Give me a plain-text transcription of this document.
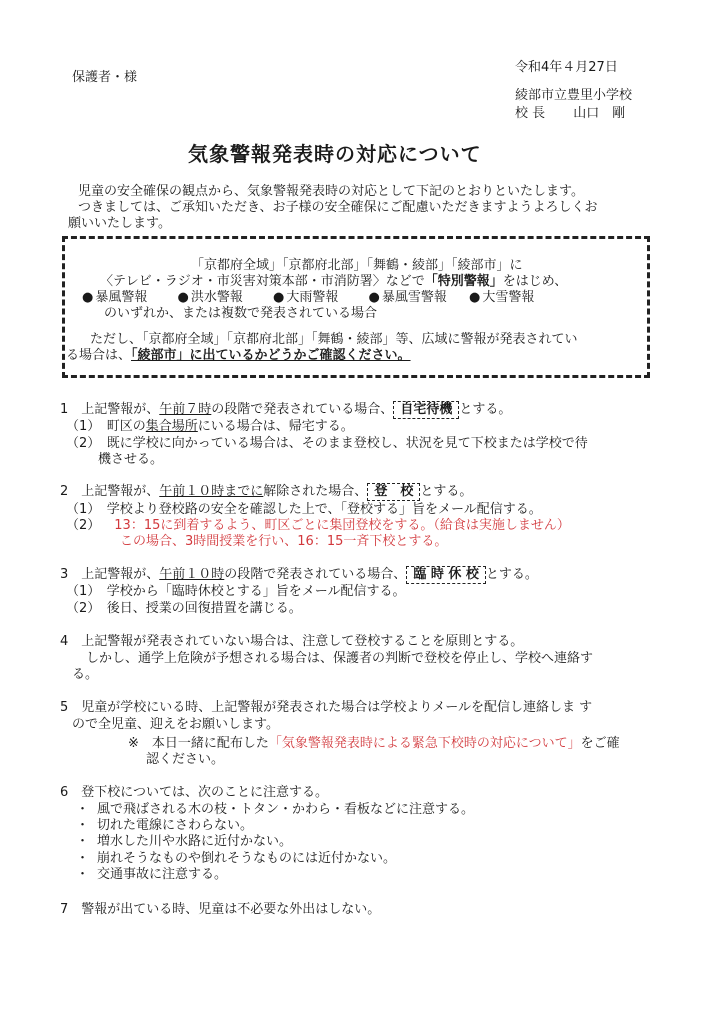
保護者・様
令和4年４月27日
綾部市立豊里小学校
校 長 山口　剛
気象警報発表時の対応について
児童の安全確保の観点から、気象警報発表時の対応として下記のとおりといたします。
つきましては、ご承知いただき、お子様の安全確保にご配慮いただきますようよろしくお
願いいたします。
「京都府全域」「京都府北部」「舞鶴・綾部」「綾部市」に
〈テレビ・ラジオ・市災害対策本部・市消防署〉などで「特別警報」をはじめ、
● 暴風警報 ● 洪水警報 ● 大雨警報 ● 暴風雪警報 ● 大雪警報
のいずれか、または複数で発表されている場合
ただし、「京都府全域」「京都府北部」「舞鶴・綾部」等、広域に警報が発表されてい
る場合は、「綾部市」に出ているかどうかご確認ください。
1　上記警報が、午前７時の段階で発表されている場合、 自宅待機 とする。
（1）　町区の集合場所にいる場合は、帰宅する。
（2）　既に学校に向かっている場合は、そのまま登校し、状況を見て下校または学校で待
機させる。
2　上記警報が、午前１０時までに解除された場合、 登　校 とする。
（1）　学校より登校路の安全を確認した上で、「登校する」旨をメール配信する。
（2） 13：15に到着するよう、町区ごとに集団登校をする。（給食は実施しません）
この場合、3時間授業を行い、16：15一斉下校とする。
3　上記警報が、午前１０時の段階で発表されている場合、 臨 時 休 校 とする。
（1）　学校から「臨時休校とする」旨をメール配信する。
（2）　後日、授業の回復措置を講じる。
4　上記警報が発表されていない場合は、注意して登校することを原則とする。
しかし、通学上危険が予想される場合は、保護者の判断で登校を停止し、学校へ連絡す
る。
5　児童が学校にいる時、上記警報が発表された場合は学校よりメールを配信し連絡しま す
ので全児童、迎えをお願いします。
※　本日一緒に配布した「気象警報発表時による緊急下校時の対応について」をご確
認ください。
6　登下校については、次のことに注意する。
・ 風で飛ばされる木の枝・トタン・かわら・看板などに注意する。
・ 切れた電線にさわらない。
・ 増水した川や水路に近付かない。
・ 崩れそうなものや倒れそうなものには近付かない。
・ 交通事故に注意する。
7　警報が出ている時、児童は不必要な外出はしない。
